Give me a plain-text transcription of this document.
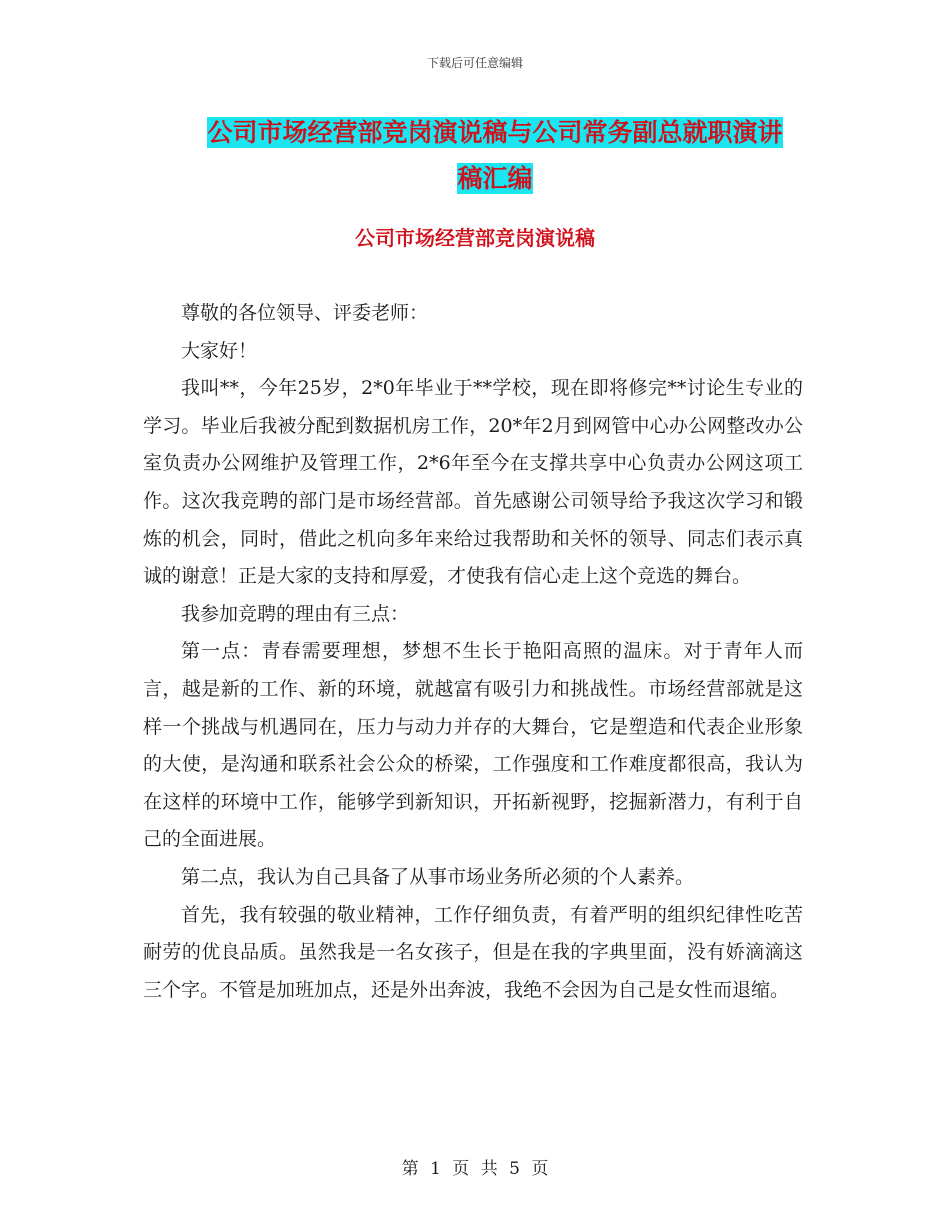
下载后可任意编辑
公司市场经营部竞岗演说稿与公司常务副总就职演讲
稿汇编
公司市场经营部竞岗演说稿

尊敬的各位领导、评委老师：

大家好！

我叫**，今年25岁，2*0年毕业于**学校，现在即将修完**讨论生专业的学习。毕业后我被分配到数据机房工作，20*年2月到网管中心办公网整改办公室负责办公网维护及管理工作，2*6年至今在支撑共享中心负责办公网这项工作。这次我竞聘的部门是市场经营部。首先感谢公司领导给予我这次学习和锻炼的机会，同时，借此之机向多年来给过我帮助和关怀的领导、同志们表示真诚的谢意！正是大家的支持和厚爱，才使我有信心走上这个竞选的舞台。

我参加竞聘的理由有三点：

第一点：青春需要理想，梦想不生长于艳阳高照的温床。对于青年人而言，越是新的工作、新的环境，就越富有吸引力和挑战性。市场经营部就是这样一个挑战与机遇同在，压力与动力并存的大舞台，它是塑造和代表企业形象的大使，是沟通和联系社会公众的桥梁，工作强度和工作难度都很高，我认为在这样的环境中工作，能够学到新知识，开拓新视野，挖掘新潜力，有利于自己的全面进展。

第二点，我认为自己具备了从事市场业务所必须的个人素养。

首先，我有较强的敬业精神，工作仔细负责，有着严明的组织纪律性吃苦耐劳的优良品质。虽然我是一名女孩子，但是在我的字典里面，没有娇滴滴这三个字。不管是加班加点，还是外出奔波，我绝不会因为自己是女性而退缩。

第 1 页 共 5 页
